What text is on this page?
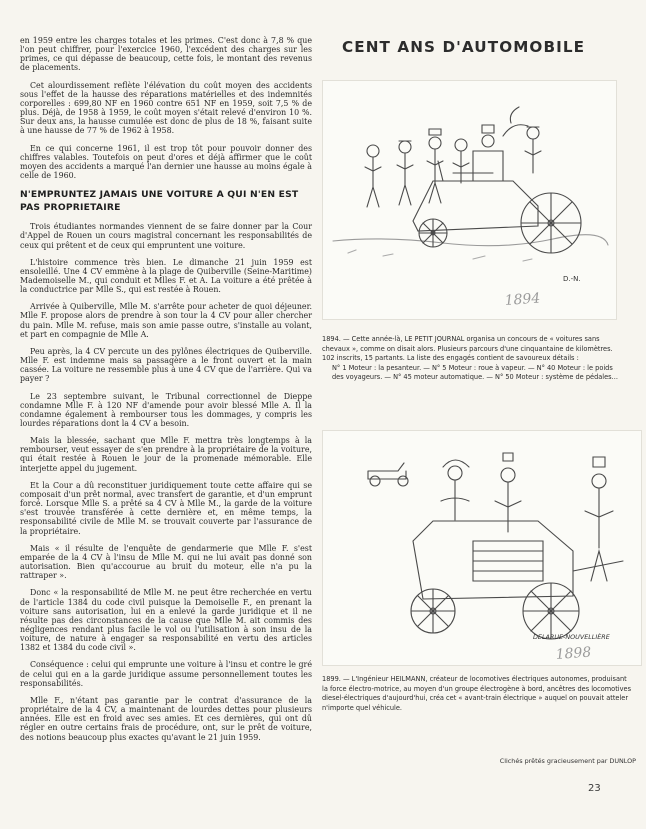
en 1959 entre les charges totales et les primes. C'est donc à 7,8 % que l'on peut chiffrer, pour l'exercice 1960, l'excédent des charges sur les primes, ce qui dépasse de beaucoup, cette fois, le montant des revenus de placements.

Cet alourdissement reflète l'élévation du coût moyen des accidents sous l'effet de la hausse des réparations matérielles et des indemnités corporelles : 699,80 NF en 1960 contre 651 NF en 1959, soit 7,5 % de plus. Déjà, de 1958 à 1959, le coût moyen s'était relevé d'environ 10 %. Sur deux ans, la hausse cumulée est donc de plus de 18 %, faisant suite à une hausse de 77 % de 1962 à 1958.

En ce qui concerne 1961, il est trop tôt pour pouvoir donner des chiffres valables. Toutefois on peut d'ores et déjà affirmer que le coût moyen des accidents a marqué l'an dernier une hausse au moins égale à celle de 1960.

N'EMPRUNTEZ JAMAIS UNE VOITURE A QUI N'EN EST PAS PROPRIETAIRE

Trois étudiantes normandes viennent de se faire donner par la Cour d'Appel de Rouen un cours magistral concernant les responsabilités de ceux qui prêtent et de ceux qui empruntent une voiture.

L'histoire commence très bien. Le dimanche 21 juin 1959 est ensoleillé. Une 4 CV emmène à la plage de Quiberville (Seine-Maritime) Mademoiselle M., qui conduit et Mlles F. et A. La voiture a été prêtée à la conductrice par Mlle S., qui est restée à Rouen.

Arrivée à Quiberville, Mlle M. s'arrête pour acheter de quoi déjeuner. Mlle F. propose alors de prendre à son tour la 4 CV pour aller chercher du pain. Mlle M. refuse, mais son amie passe outre, s'installe au volant, et part en compagnie de Mlle A.

Peu après, la 4 CV percute un des pylônes électriques de Quiberville. Mlle F. est indemne mais sa passagère a le front ouvert et la main cassée. La voiture ne ressemble plus à une 4 CV que de l'arrière. Qui va payer ?

Le 23 septembre suivant, le Tribunal correctionnel de Dieppe condamne Mlle F. à 120 NF d'amende pour avoir blessé Mlle A. Il la condamne également à rembourser tous les dommages, y compris les lourdes réparations dont la 4 CV a besoin.

Mais la blessée, sachant que Mlle F. mettra très longtemps à la rembourser, veut essayer de s'en prendre à la propriétaire de la voiture, qui était restée à Rouen le jour de la promenade mémorable. Elle interjette appel du jugement.

Et la Cour a dû reconstituer juridiquement toute cette affaire qui se composait d'un prêt normal, avec transfert de garantie, et d'un emprunt forcé. Lorsque Mlle S. a prêté sa 4 CV à Mlle M., la garde de la voiture s'est trouvée transférée à cette dernière et, en même temps, la responsabilité civile de Mlle M. se trouvait couverte par l'assurance de la propriétaire.

Mais « il résulte de l'enquête de gendarmerie que Mlle F. s'est emparée de la 4 CV à l'insu de Mlle M. qui ne lui avait pas donné son autorisation. Bien qu'accourue au bruit du moteur, elle n'a pu la rattraper ».

Donc « la responsabilité de Mlle M. ne peut être recherchée en vertu de l'article 1384 du code civil puisque la Demoiselle F., en prenant la voiture sans autorisation, lui en a enlevé la garde juridique et il ne résulte pas des circonstances de la cause que Mlle M. ait commis des négligences rendant plus facile le vol ou l'utilisation à son insu de la voiture, de nature à engager sa responsabilité en vertu des articles 1382 et 1384 du code civil ».

Conséquence : celui qui emprunte une voiture à l'insu et contre le gré de celui qui en a la garde juridique assume personnellement toutes les responsabilités.

Mlle F., n'étant pas garantie par le contrat d'assurance de la propriétaire de la 4 CV, a maintenant de lourdes dettes pour plusieurs années. Elle est en froid avec ses amies. Et ces dernières, qui ont dû régler en outre certains frais de procédure, ont, sur le prêt de voiture, des notions beaucoup plus exactes qu'avant le 21 juin 1959.

CENT ANS D'AUTOMOBILE
D.-N.
1894
1894. — Cette année-là, LE PETIT JOURNAL organisa un concours de « voitures sans chevaux », comme on disait alors. Plusieurs parcours d'une cinquantaine de kilomètres. 102 inscrits, 15 partants. La liste des engagés contient de savoureux détails :
N° 1 Moteur : la pesanteur. — N° 5 Moteur : roue à vapeur. — N° 40 Moteur : le poids des voyageurs. — N° 45 moteur automatique. — N° 50 Moteur : système de pédales...
DELARUE-NOUVELLIÈRE
1898
1899. — L'Ingénieur HEILMANN, créateur de locomotives électriques autonomes, produisant la force électro-motrice, au moyen d'un groupe électrogène à bord, ancêtres des locomotives diesel-électriques d'aujourd'hui, créa cet « avant-train électrique » auquel on pouvait atteler n'importe quel véhicule.
Clichés prêtés gracieusement par DUNLOP
23
